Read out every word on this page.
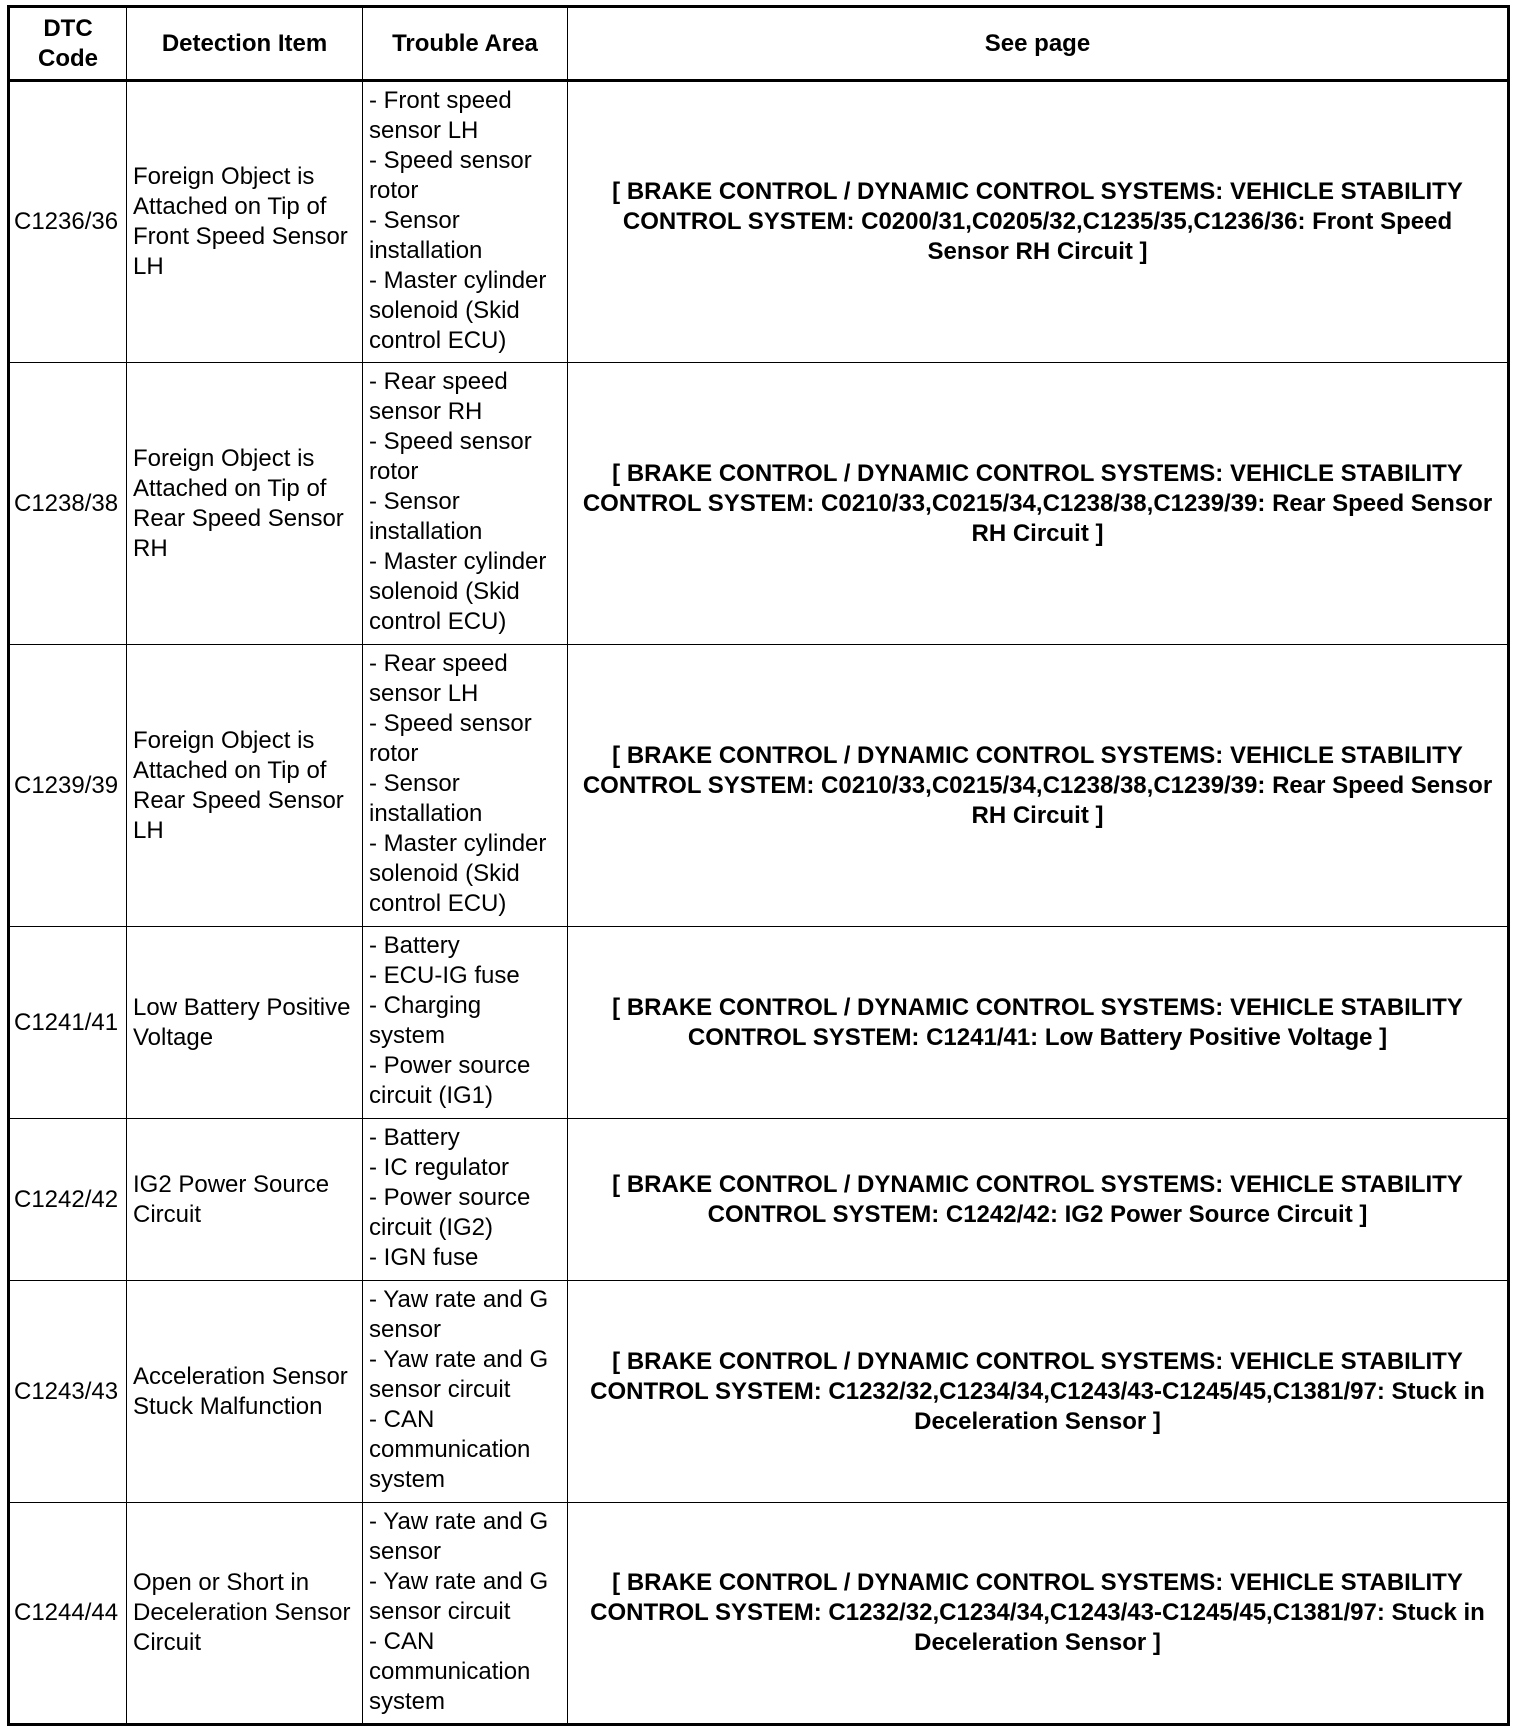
DTC
Code	Detection Item	Trouble Area	See page
C1236/36	Foreign Object is Attached on Tip of Front Speed Sensor LH	- Front speed sensor LH
- Speed sensor rotor
- Sensor installation
- Master cylinder solenoid (Skid control ECU)	[ BRAKE CONTROL / DYNAMIC CONTROL SYSTEMS: VEHICLE STABILITY CONTROL SYSTEM: C0200/31,C0205/32,C1235/35,C1236/36: Front Speed Sensor RH Circuit ]
C1238/38	Foreign Object is Attached on Tip of Rear Speed Sensor RH	- Rear speed sensor RH
- Speed sensor rotor
- Sensor installation
- Master cylinder solenoid (Skid control ECU)	[ BRAKE CONTROL / DYNAMIC CONTROL SYSTEMS: VEHICLE STABILITY CONTROL SYSTEM: C0210/33,C0215/34,C1238/38,C1239/39: Rear Speed Sensor RH Circuit ]
C1239/39	Foreign Object is Attached on Tip of Rear Speed Sensor LH	- Rear speed sensor LH
- Speed sensor rotor
- Sensor installation
- Master cylinder solenoid (Skid control ECU)	[ BRAKE CONTROL / DYNAMIC CONTROL SYSTEMS: VEHICLE STABILITY CONTROL SYSTEM: C0210/33,C0215/34,C1238/38,C1239/39: Rear Speed Sensor RH Circuit ]
C1241/41	Low Battery Positive Voltage	- Battery
- ECU-IG fuse
- Charging system
- Power source circuit (IG1)	[ BRAKE CONTROL / DYNAMIC CONTROL SYSTEMS: VEHICLE STABILITY CONTROL SYSTEM: C1241/41: Low Battery Positive Voltage ]
C1242/42	IG2 Power Source Circuit	- Battery
- IC regulator
- Power source circuit (IG2)
- IGN fuse	[ BRAKE CONTROL / DYNAMIC CONTROL SYSTEMS: VEHICLE STABILITY CONTROL SYSTEM: C1242/42: IG2 Power Source Circuit ]
C1243/43	Acceleration Sensor Stuck Malfunction	- Yaw rate and G sensor
- Yaw rate and G sensor circuit
- CAN communication system	[ BRAKE CONTROL / DYNAMIC CONTROL SYSTEMS: VEHICLE STABILITY CONTROL SYSTEM: C1232/32,C1234/34,C1243/43-C1245/45,C1381/97: Stuck in Deceleration Sensor ]
C1244/44	Open or Short in Deceleration Sensor Circuit	- Yaw rate and G sensor
- Yaw rate and G sensor circuit
- CAN communication system	[ BRAKE CONTROL / DYNAMIC CONTROL SYSTEMS: VEHICLE STABILITY CONTROL SYSTEM: C1232/32,C1234/34,C1243/43-C1245/45,C1381/97: Stuck in Deceleration Sensor ]
